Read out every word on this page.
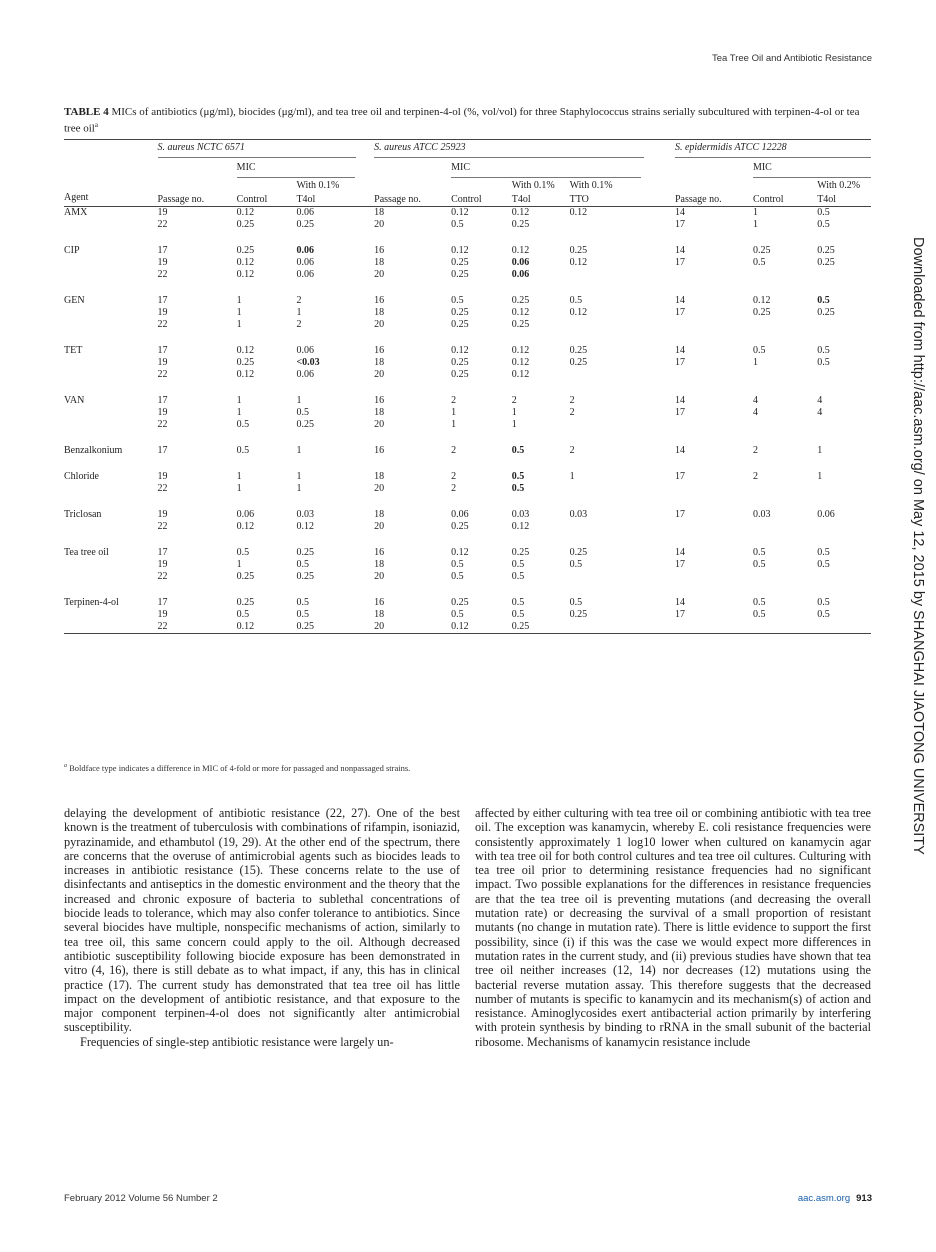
Tea Tree Oil and Antibiotic Resistance
Downloaded from http://aac.asm.org/ on May 12, 2015 by SHANGHAI JIAOTONG UNIVERSITY
TABLE 4 MICs of antibiotics (μg/ml), biocides (μg/ml), and tea tree oil and terpinen-4-ol (%, vol/vol) for three Staphylococcus strains serially subcultured with terpinen-4-ol or tea tree oil$^a$
	S. aureus NCTC 6571			S. aureus ATCC 25923				S. epidermidis ATCC 12228		
		MIC			MIC				MIC	
			With 0.1%			With 0.1%	With 0.1%			With 0.2%
Agent	Passage no.	Control	T4ol	Passage no.	Control	T4ol	TTO	Passage no.	Control	T4ol
AMX	19	0.12	0.06	18	0.12	0.12	0.12	14	1	0.5
	22	0.25	0.25	20	0.5	0.25		17	1	0.5

CIP	17	0.25	0.06	16	0.12	0.12	0.25	14	0.25	0.25
	19	0.12	0.06	18	0.25	0.06	0.12	17	0.5	0.25
	22	0.12	0.06	20	0.25	0.06				

GEN	17	1	2	16	0.5	0.25	0.5	14	0.12	0.5
	19	1	1	18	0.25	0.12	0.12	17	0.25	0.25
	22	1	2	20	0.25	0.25				

TET	17	0.12	0.06	16	0.12	0.12	0.25	14	0.5	0.5
	19	0.25	<0.03	18	0.25	0.12	0.25	17	1	0.5
	22	0.12	0.06	20	0.25	0.12				

VAN	17	1	1	16	2	2	2	14	4	4
	19	1	0.5	18	1	1	2	17	4	4
	22	0.5	0.25	20	1	1				

Benzalkonium	17	0.5	1	16	2	0.5	2	14	2	1

Chloride	19	1	1	18	2	0.5	1	17	2	1
	22	1	1	20	2	0.5				

Triclosan	19	0.06	0.03	18	0.06	0.03	0.03	17	0.03	0.06
	22	0.12	0.12	20	0.25	0.12				

Tea tree oil	17	0.5	0.25	16	0.12	0.25	0.25	14	0.5	0.5
	19	1	0.5	18	0.5	0.5	0.5	17	0.5	0.5
	22	0.25	0.25	20	0.5	0.5				

Terpinen-4-ol	17	0.25	0.5	16	0.25	0.5	0.5	14	0.5	0.5
	19	0.5	0.5	18	0.5	0.5	0.25	17	0.5	0.5
	22	0.12	0.25	20	0.12	0.25				
$^a$ Boldface type indicates a difference in MIC of 4-fold or more for passaged and nonpassaged strains.

delaying the development of antibiotic resistance (22, 27). One of the best known is the treatment of tuberculosis with combinations of rifampin, isoniazid, pyrazinamide, and ethambutol (19, 29). At the other end of the spectrum, there are concerns that the overuse of antimicrobial agents such as biocides leads to increases in antibiotic resistance (15). These concerns relate to the use of disinfectants and antiseptics in the domestic environment and the theory that the increased and chronic exposure of bacteria to sublethal concentrations of biocide leads to tolerance, which may also confer tolerance to antibiotics. Since several biocides have multiple, nonspecific mechanisms of action, similarly to tea tree oil, this same concern could apply to the oil. Although decreased antibiotic susceptibility following biocide exposure has been demonstrated in vitro (4, 16), there is still debate as to what impact, if any, this has in clinical practice (17). The current study has demonstrated that tea tree oil has little impact on the development of antibiotic resistance, and that exposure to the major component terpinen-4-ol does not significantly alter antimicrobial susceptibility.

Frequencies of single-step antibiotic resistance were largely un-

affected by either culturing with tea tree oil or combining antibiotic with tea tree oil. The exception was kanamycin, whereby E. coli resistance frequencies were consistently approximately 1 log10 lower when cultured on kanamycin agar with tea tree oil for both control cultures and tea tree oil cultures. Culturing with tea tree oil prior to determining resistance frequencies had no significant impact. Two possible explanations for the differences in resistance frequencies are that the tea tree oil is preventing mutations (and decreasing the overall mutation rate) or decreasing the survival of a small proportion of resistant mutants (no change in mutation rate). There is little evidence to support the first possibility, since (i) if this was the case we would expect more differences in mutation rates in the current study, and (ii) previous studies have shown that tea tree oil neither increases (12, 14) nor decreases (12) mutations using the bacterial reverse mutation assay. This therefore suggests that the decreased number of mutants is specific to kanamycin and its mechanism(s) of action and resistance. Aminoglycosides exert antibacterial action primarily by interfering with protein synthesis by binding to rRNA in the small subunit of the bacterial ribosome. Mechanisms of kanamycin resistance include

February 2012 Volume 56 Number 2	aac.asm.org 913
